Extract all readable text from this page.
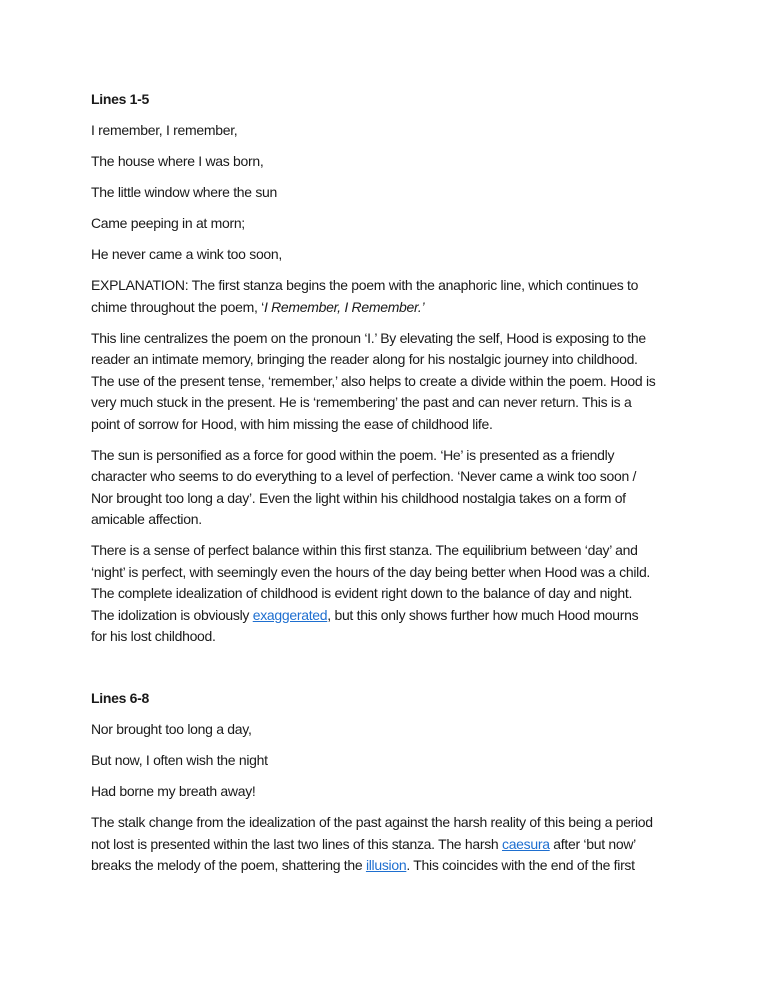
Lines 1-5

I remember, I remember,

The house where I was born,

The little window where the sun

Came peeping in at morn;

He never came a wink too soon,

EXPLANATION: The first stanza begins the poem with the anaphoric line, which continues to
chime throughout the poem, ‘I Remember, I Remember.’

This line centralizes the poem on the pronoun ‘I.’ By elevating the self, Hood is exposing to the
reader an intimate memory, bringing the reader along for his nostalgic journey into childhood.
The use of the present tense, ‘remember,’ also helps to create a divide within the poem. Hood is
very much stuck in the present. He is ‘remembering’ the past and can never return. This is a
point of sorrow for Hood, with him missing the ease of childhood life.

The sun is personified as a force for good within the poem. ‘He’ is presented as a friendly
character who seems to do everything to a level of perfection. ‘Never came a wink too soon /
Nor brought too long a day’. Even the light within his childhood nostalgia takes on a form of
amicable affection.

There is a sense of perfect balance within this first stanza. The equilibrium between ‘day’ and
‘night’ is perfect, with seemingly even the hours of the day being better when Hood was a child.
The complete idealization of childhood is evident right down to the balance of day and night.
The idolization is obviously exaggerated, but this only shows further how much Hood mourns
for his lost childhood.

Lines 6-8

Nor brought too long a day,

But now, I often wish the night

Had borne my breath away!

The stalk change from the idealization of the past against the harsh reality of this being a period
not lost is presented within the last two lines of this stanza. The harsh caesura after ‘but now’
breaks the melody of the poem, shattering the illusion. This coincides with the end of the first
